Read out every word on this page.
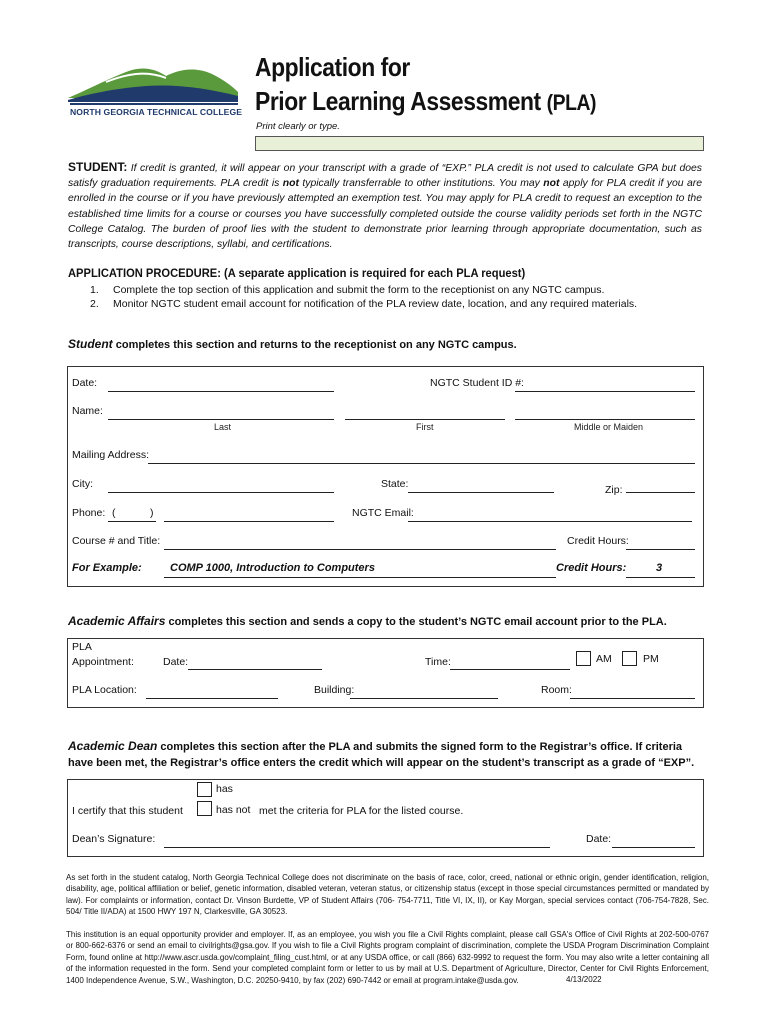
NORTH GEORGIA TECHNICAL COLLEGE
Application for
Prior Learning Assessment (PLA)
Print clearly or type.
STUDENT: If credit is granted, it will appear on your transcript with a grade of “EXP.” PLA credit is not used to calculate GPA but does satisfy graduation requirements. PLA credit is not typically transferrable to other institutions. You may not apply for PLA credit if you are enrolled in the course or if you have previously attempted an exemption test. You may apply for PLA credit to request an exception to the established time limits for a course or courses you have successfully completed outside the course validity periods set forth in the NGTC College Catalog. The burden of proof lies with the student to demonstrate prior learning through appropriate documentation, such as transcripts, course descriptions, syllabi, and certifications.
APPLICATION PROCEDURE: (A separate application is required for each PLA request)
1. Complete the top section of this application and submit the form to the receptionist on any NGTC campus.
2. Monitor NGTC student email account for notification of the PLA review date, location, and any required materials.
Student completes this section and returns to the receptionist on any NGTC campus.
Date:	NGTC Student ID #:
Name:
Last	First	Middle or Maiden
Mailing Address:
City:	State:	Zip:
Phone: (	)	NGTC Email:
Course # and Title:	Credit Hours:
For Example:	COMP 1000, Introduction to Computers	Credit Hours:	3
Academic Affairs completes this section and sends a copy to the student’s NGTC email account prior to the PLA.
PLA
Appointment:	Date:	Time:	AM	PM
PLA Location:	Building:	Room:
Academic Dean completes this section after the PLA and submits the signed form to the Registrar’s office. If criteria have been met, the Registrar’s office enters the credit which will appear on the student’s transcript as a grade of “EXP”.
I certify that this student
has
has not met the criteria for PLA for the listed course.
Dean’s Signature:	Date:
As set forth in the student catalog, North Georgia Technical College does not discriminate on the basis of race, color, creed, national or ethnic origin, gender identification, religion, disability, age, political affiliation or belief, genetic information, disabled veteran, veteran status, or citizenship status (except in those special circumstances permitted or mandated by law). For complaints or information, contact Dr. Vinson Burdette, VP of Student Affairs (706- 754-7711, Title VI, IX, II), or Kay Morgan, special services contact (706-754-7828, Sec. 504/ Title II/ADA) at 1500 HWY 197 N, Clarkesville, GA 30523.
This institution is an equal opportunity provider and employer. If, as an employee, you wish you file a Civil Rights complaint, please call GSA's Office of Civil Rights at 202-500-0767 or 800-662-6376 or send an email to civilrights@gsa.gov. If you wish to file a Civil Rights program complaint of discrimination, complete the USDA Program Discrimination Complaint Form, found online at http://www.ascr.usda.gov/complaint_filing_cust.html, or at any USDA office, or call (866) 632-9992 to request the form. You may also write a letter containing all of the information requested in the form. Send your completed complaint form or letter to us by mail at U.S. Department of Agriculture, Director, Center for Civil Rights Enforcement, 1400 Independence Avenue, S.W., Washington, D.C. 20250-9410, by fax (202) 690-7442 or email at program.intake@usda.gov.	4/13/2022
